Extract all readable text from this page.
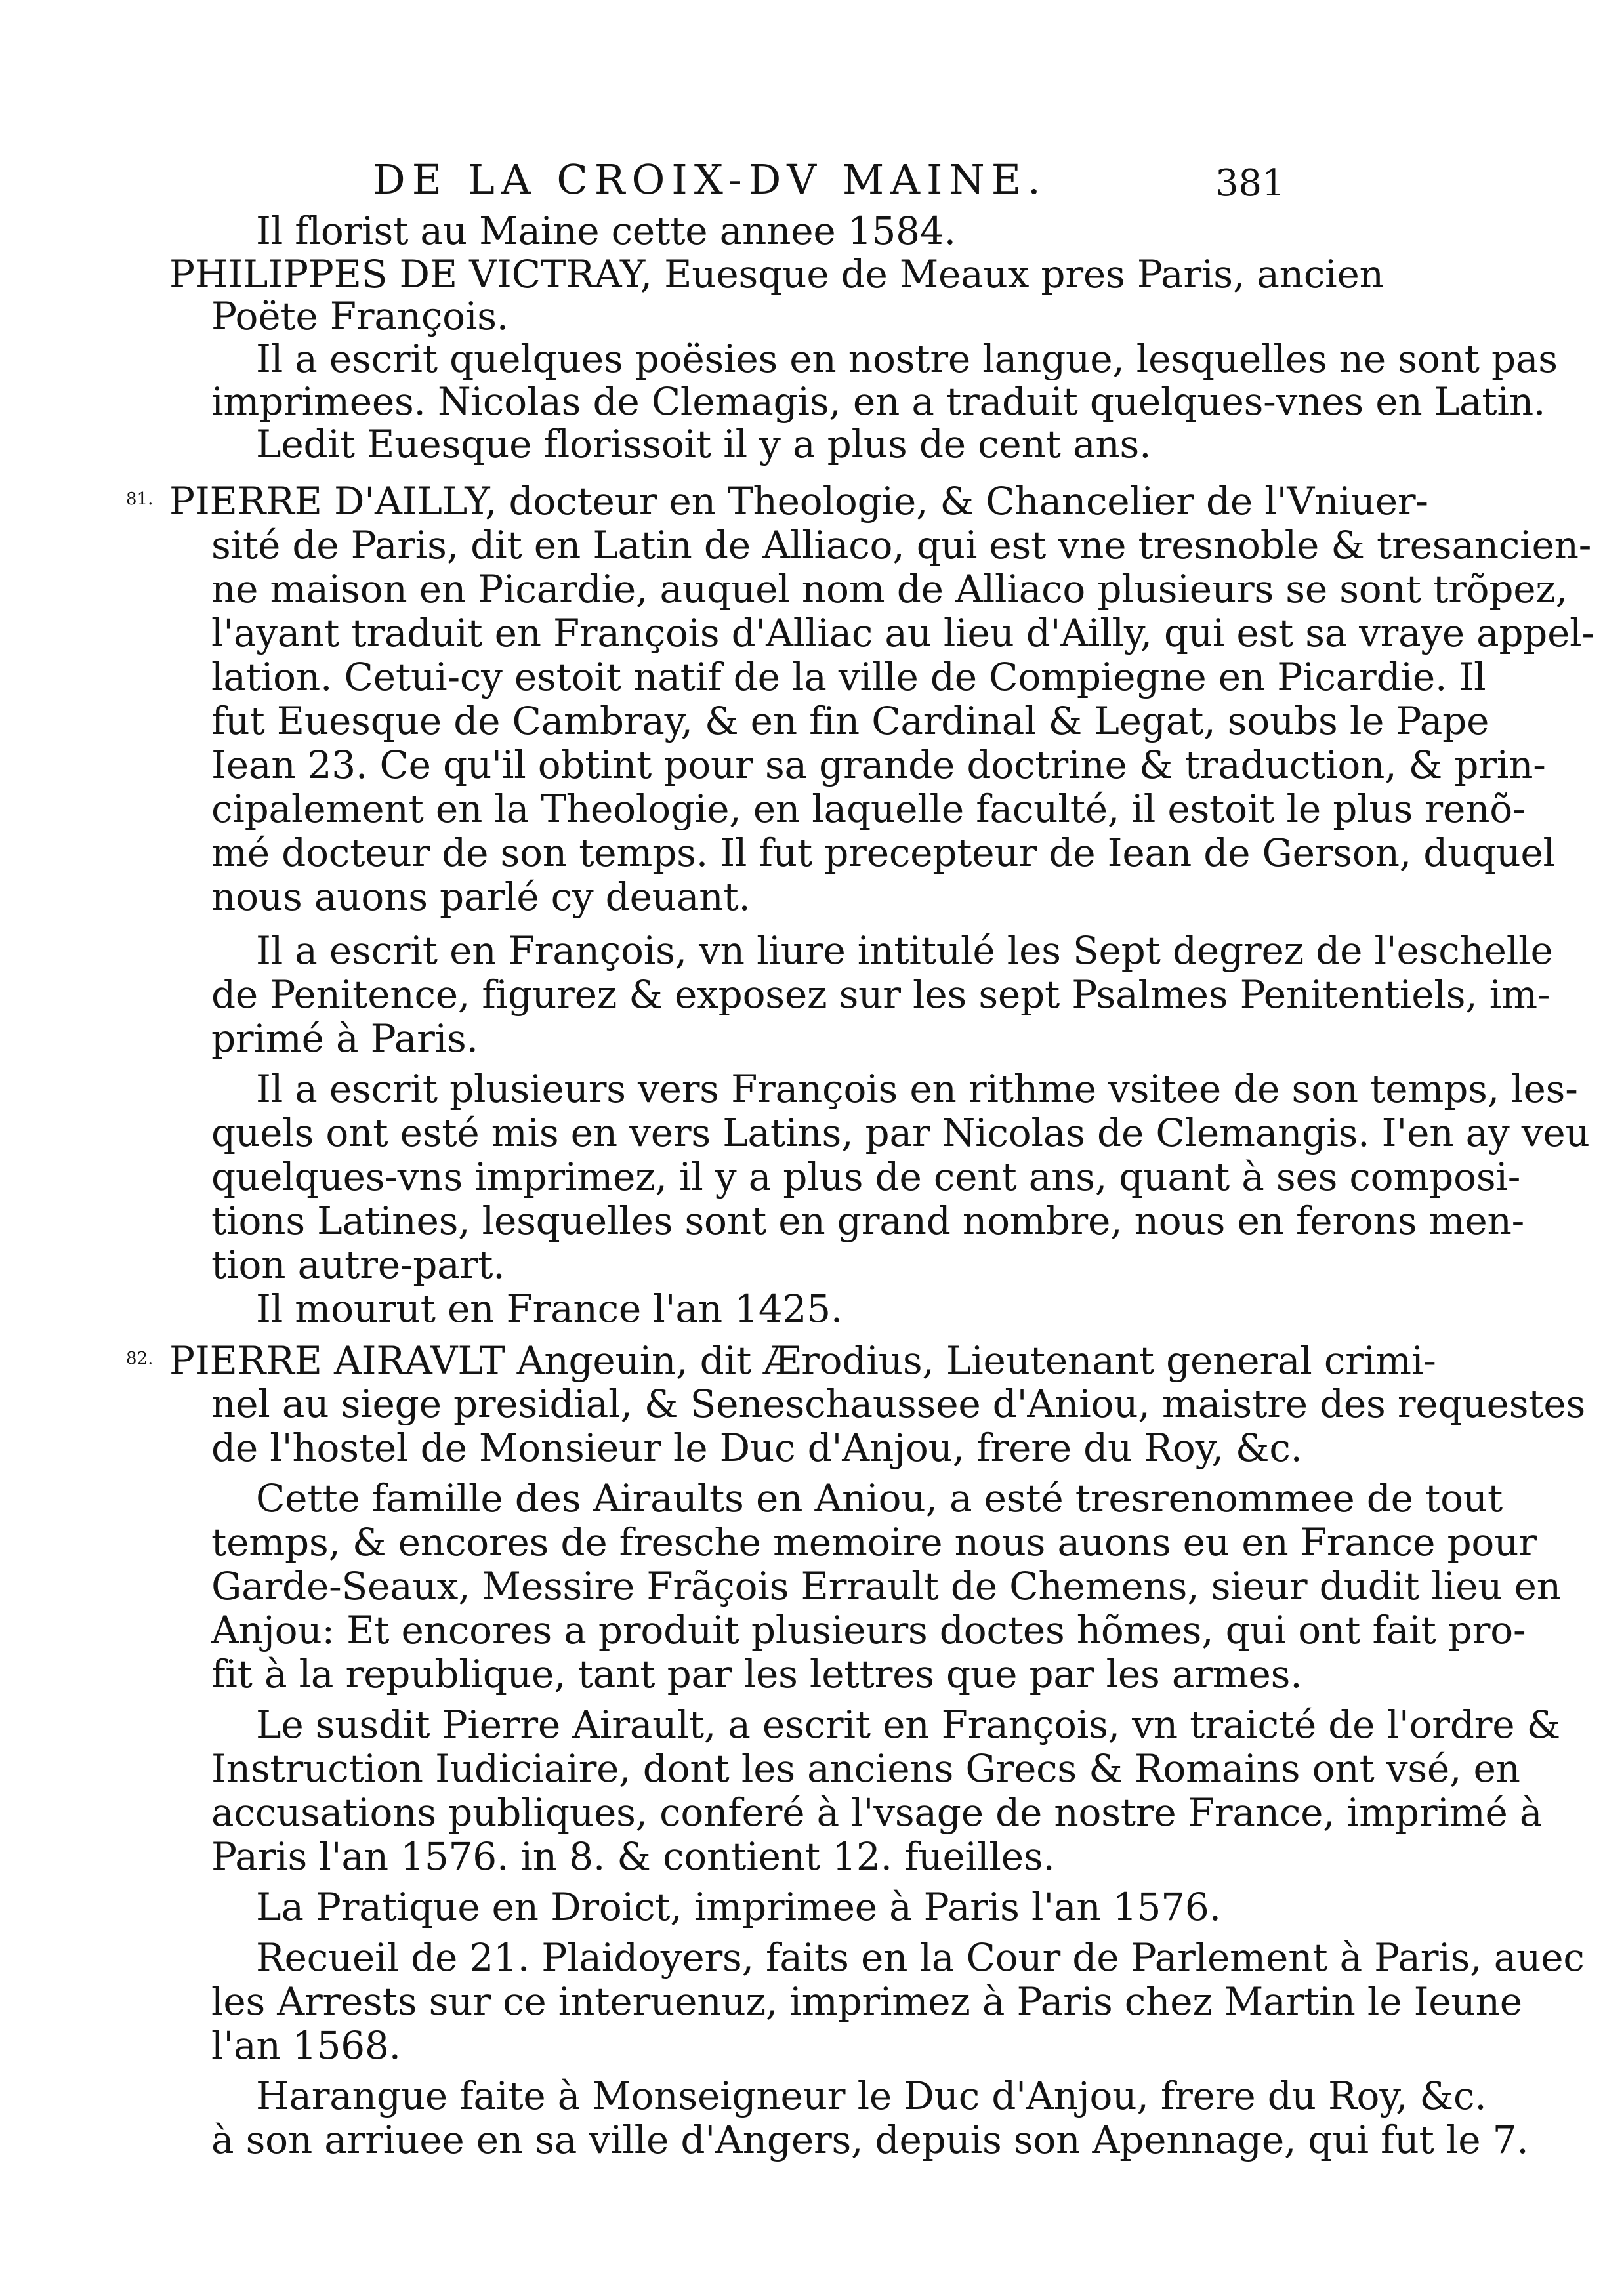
DE LA CROIX-DV MAINE.	381
81.
82.
Il florist au Maine cette annee 1584.
PHILIPPES DE VICTRAY, Euesque de Meaux pres Paris, ancien
Poëte François.
Il a escrit quelques poësies en nostre langue, lesquelles ne sont pas
imprimees. Nicolas de Clemagis, en a traduit quelques-vnes en Latin.
Ledit Euesque florissoit il y a plus de cent ans.
PIERRE D'AILLY, docteur en Theologie, & Chancelier de l'Vniuer-
sité de Paris, dit en Latin de Alliaco, qui est vne tresnoble & tresancien-
ne maison en Picardie, auquel nom de Alliaco plusieurs se sont trõpez,
l'ayant traduit en François d'Alliac au lieu d'Ailly, qui est sa vraye appel-
lation. Cetui-cy estoit natif de la ville de Compiegne en Picardie. Il
fut Euesque de Cambray, & en fin Cardinal & Legat, soubs le Pape
Iean 23. Ce qu'il obtint pour sa grande doctrine & traduction, & prin-
cipalement en la Theologie, en laquelle faculté, il estoit le plus renõ-
mé docteur de son temps. Il fut precepteur de Iean de Gerson, duquel
nous auons parlé cy deuant.
Il a escrit en François, vn liure intitulé les Sept degrez de l'eschelle
de Penitence, figurez & exposez sur les sept Psalmes Penitentiels, im-
primé à Paris.
Il a escrit plusieurs vers François en rithme vsitee de son temps, les-
quels ont esté mis en vers Latins, par Nicolas de Clemangis. I'en ay veu
quelques-vns imprimez, il y a plus de cent ans, quant à ses composi-
tions Latines, lesquelles sont en grand nombre, nous en ferons men-
tion autre-part.
Il mourut en France l'an 1425.
PIERRE AIRAVLT Angeuin, dit Ærodius, Lieutenant general crimi-
nel au siege presidial, & Seneschaussee d'Aniou, maistre des requestes
de l'hostel de Monsieur le Duc d'Anjou, frere du Roy, &c.
Cette famille des Airaults en Aniou, a esté tresrenommee de tout
temps, & encores de fresche memoire nous auons eu en France pour
Garde-Seaux, Messire Frãçois Errault de Chemens, sieur dudit lieu en
Anjou: Et encores a produit plusieurs doctes hõmes, qui ont fait pro-
fit à la republique, tant par les lettres que par les armes.
Le susdit Pierre Airault, a escrit en François, vn traicté de l'ordre &
Instruction Iudiciaire, dont les anciens Grecs & Romains ont vsé, en
accusations publiques, conferé à l'vsage de nostre France, imprimé à
Paris l'an 1576. in 8. & contient 12. fueilles.
La Pratique en Droict, imprimee à Paris l'an 1576.
Recueil de 21. Plaidoyers, faits en la Cour de Parlement à Paris, auec
les Arrests sur ce interuenuz, imprimez à Paris chez Martin le Ieune
l'an 1568.
Harangue faite à Monseigneur le Duc d'Anjou, frere du Roy, &c.
à son arriuee en sa ville d'Angers, depuis son Apennage, qui fut le 7.
